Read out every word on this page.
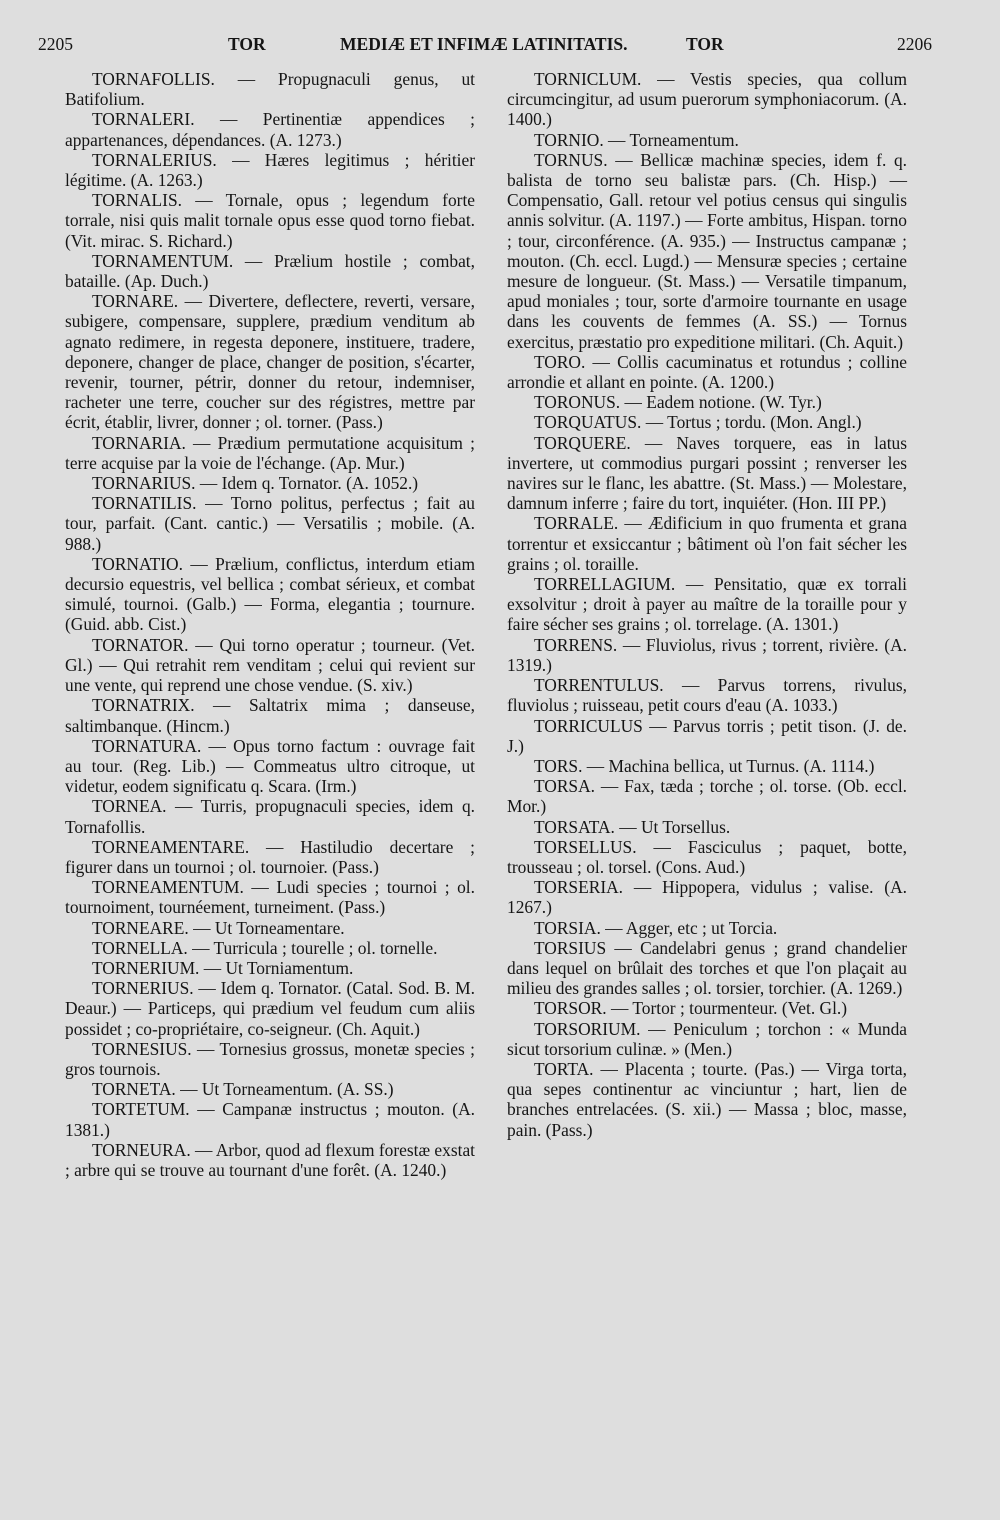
2205	TOR	MEDIÆ ET INFIMÆ LATINITATIS.	TOR	2206

TORNAFOLLIS. — Propugnaculi genus, ut Batifolium.

TORNALERI. — Pertinentiæ appendices ; appartenances, dépendances. (A. 1273.)

TORNALERIUS. — Hæres legitimus ; héritier légitime. (A. 1263.)

TORNALIS. — Tornale, opus ; legendum forte torrale, nisi quis malit tornale opus esse quod torno fiebat. (Vit. mirac. S. Richard.)

TORNAMENTUM. — Prælium hostile ; combat, bataille. (Ap. Duch.)

TORNARE. — Divertere, deflectere, reverti, versare, subigere, compensare, supplere, prædium venditum ab agnato redimere, in regesta deponere, instituere, tradere, deponere, changer de place, changer de position, s'écarter, revenir, tourner, pétrir, donner du retour, indemniser, racheter une terre, coucher sur des régistres, mettre par écrit, établir, livrer, donner ; ol. torner. (Pass.)

TORNARIA. — Prædium permutatione acquisitum ; terre acquise par la voie de l'échange. (Ap. Mur.)

TORNARIUS. — Idem q. Tornator. (A. 1052.)

TORNATILIS. — Torno politus, perfectus ; fait au tour, parfait. (Cant. cantic.) — Versatilis ; mobile. (A. 988.)

TORNATIO. — Prælium, conflictus, interdum etiam decursio equestris, vel bellica ; combat sérieux, et combat simulé, tournoi. (Galb.) — Forma, elegantia ; tournure. (Guid. abb. Cist.)

TORNATOR. — Qui torno operatur ; tourneur. (Vet. Gl.) — Qui retrahit rem venditam ; celui qui revient sur une vente, qui reprend une chose vendue. (S. xiv.)

TORNATRIX. — Saltatrix mima ; danseuse, saltimbanque. (Hincm.)

TORNATURA. — Opus torno factum : ouvrage fait au tour. (Reg. Lib.) — Commeatus ultro citroque, ut videtur, eodem significatu q. Scara. (Irm.)

TORNEA. — Turris, propugnaculi species, idem q. Tornafollis.

TORNEAMENTARE. — Hastiludio decertare ; figurer dans un tournoi ; ol. tournoier. (Pass.)

TORNEAMENTUM. — Ludi species ; tournoi ; ol. tournoiment, tournéement, turneiment. (Pass.)

TORNEARE. — Ut Torneamentare.

TORNELLA. — Turricula ; tourelle ; ol. tornelle.

TORNERIUM. — Ut Torniamentum.

TORNERIUS. — Idem q. Tornator. (Catal. Sod. B. M. Deaur.) — Particeps, qui prædium vel feudum cum aliis possidet ; co-propriétaire, co-seigneur. (Ch. Aquit.)

TORNESIUS. — Tornesius grossus, monetæ species ; gros tournois.

TORNETA. — Ut Torneamentum. (A. SS.)

TORTETUM. — Campanæ instructus ; mouton. (A. 1381.)

TORNEURA. — Arbor, quod ad flexum forestæ exstat ; arbre qui se trouve au tournant d'une forêt. (A. 1240.)

TORNICLUM. — Vestis species, qua collum circumcingitur, ad usum puerorum symphoniacorum. (A. 1400.)

TORNIO. — Torneamentum.

TORNUS. — Bellicæ machinæ species, idem f. q. balista de torno seu balistæ pars. (Ch. Hisp.) — Compensatio, Gall. retour vel potius census qui singulis annis solvitur. (A. 1197.) — Forte ambitus, Hispan. torno ; tour, circonférence. (A. 935.) — Instructus campanæ ; mouton. (Ch. eccl. Lugd.) — Mensuræ species ; certaine mesure de longueur. (St. Mass.) — Versatile timpanum, apud moniales ; tour, sorte d'armoire tournante en usage dans les couvents de femmes (A. SS.) — Tornus exercitus, præstatio pro expeditione militari. (Ch. Aquit.)

TORO. — Collis cacuminatus et rotundus ; colline arrondie et allant en pointe. (A. 1200.)

TORONUS. — Eadem notione. (W. Tyr.)

TORQUATUS. — Tortus ; tordu. (Mon. Angl.)

TORQUERE. — Naves torquere, eas in latus invertere, ut commodius purgari possint ; renverser les navires sur le flanc, les abattre. (St. Mass.) — Molestare, damnum inferre ; faire du tort, inquiéter. (Hon. III PP.)

TORRALE. — Ædificium in quo frumenta et grana torrentur et exsiccantur ; bâtiment où l'on fait sécher les grains ; ol. toraille.

TORRELLAGIUM. — Pensitatio, quæ ex torrali exsolvitur ; droit à payer au maître de la toraille pour y faire sécher ses grains ; ol. torrelage. (A. 1301.)

TORRENS. — Fluviolus, rivus ; torrent, rivière. (A. 1319.)

TORRENTULUS. — Parvus torrens, rivulus, fluviolus ; ruisseau, petit cours d'eau (A. 1033.)

TORRICULUS — Parvus torris ; petit tison. (J. de. J.)

TORS. — Machina bellica, ut Turnus. (A. 1114.)

TORSA. — Fax, tæda ; torche ; ol. torse. (Ob. eccl. Mor.)

TORSATA. — Ut Torsellus.

TORSELLUS. — Fasciculus ; paquet, botte, trousseau ; ol. torsel. (Cons. Aud.)

TORSERIA. — Hippopera, vidulus ; valise. (A. 1267.)

TORSIA. — Agger, etc ; ut Torcia.

TORSIUS — Candelabri genus ; grand chandelier dans lequel on brûlait des torches et que l'on plaçait au milieu des grandes salles ; ol. torsier, torchier. (A. 1269.)

TORSOR. — Tortor ; tourmenteur. (Vet. Gl.)

TORSORIUM. — Peniculum ; torchon : « Munda sicut torsorium culinæ. » (Men.)

TORTA. — Placenta ; tourte. (Pas.) — Virga torta, qua sepes continentur ac vinciuntur ; hart, lien de branches entrelacées. (S. xii.) — Massa ; bloc, masse, pain. (Pass.)
